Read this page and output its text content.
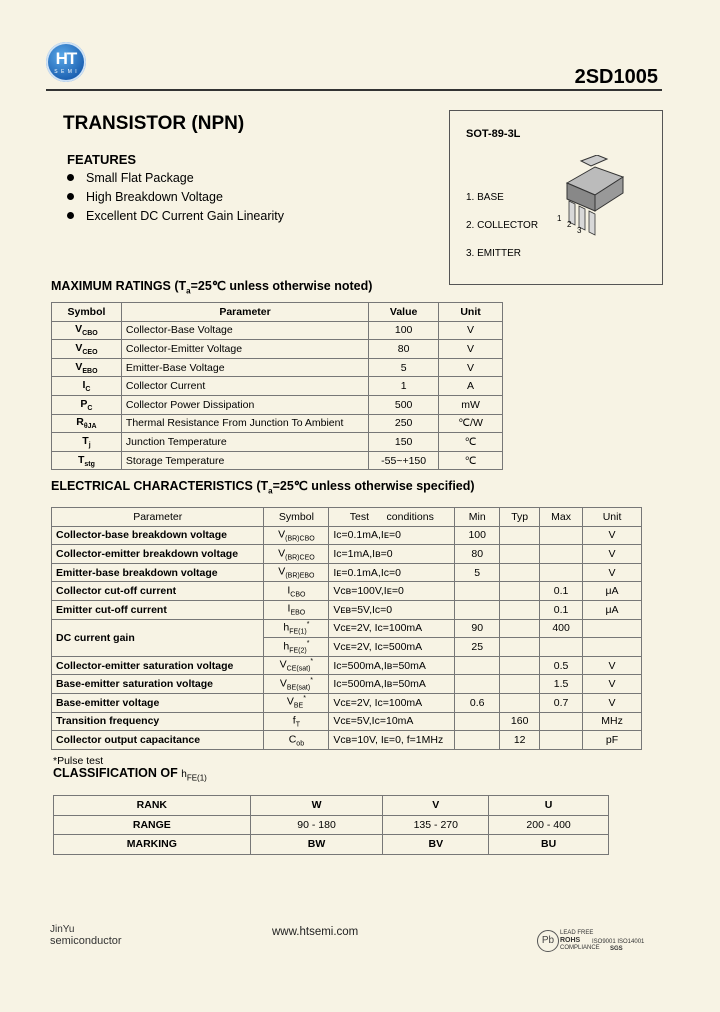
HT
S E M I	2SD1005
TRANSISTOR (NPN)
FEATURES
Small Flat Package
High Breakdown Voltage
Excellent DC Current Gain Linearity
SOT-89-3L
1. BASE
2. COLLECTOR
3. EMITTER
1
2
3
MAXIMUM RATINGS ($T_a=25℃$ unless otherwise noted)
Symbol	Parameter	Value	Unit
$V_{CBO}$	Collector-Base Voltage	100	V
$V_{CEO}$	Collector-Emitter Voltage	80	V
$V_{EBO}$	Emitter-Base Voltage	5	V
$I_C$	Collector Current	1	A
$P_C$	Collector Power Dissipation	500	mW
$R_{\theta JA}$	Thermal Resistance From Junction To Ambient	250	℃/W
$T_j$	Junction Temperature	150	℃
$T_{stg}$	Storage Temperature	-55~+150	℃
ELECTRICAL CHARACTERISTICS ($T_a=25℃$ unless otherwise specified)
Parameter	Symbol	Test      conditions	Min	Typ	Max	Unit
Collector-base breakdown voltage	$V_{(BR)CBO}$	Iᴄ=0.1mA,Iᴇ=0	100			V
Collector-emitter breakdown voltage	$V_{(BR)CEO}$	Iᴄ=1mA,Iʙ=0	80			V
Emitter-base breakdown voltage	$V_{(BR)EBO}$	Iᴇ=0.1mA,Iᴄ=0	5			V
Collector cut-off current	$I_{CBO}$	Vᴄʙ=100V,Iᴇ=0			0.1	μA
Emitter cut-off current	$I_{EBO}$	Vᴇʙ=5V,Iᴄ=0			0.1	μA
DC current gain	$h_{FE(1)}^*$	Vᴄᴇ=2V, Iᴄ=100mA	90		400	
	$h_{FE(2)}^*$	Vᴄᴇ=2V, Iᴄ=500mA	25			
Collector-emitter saturation voltage	$V_{CE(sat)}^*$	Iᴄ=500mA,Iʙ=50mA			0.5	V
Base-emitter saturation voltage	$V_{BE(sat)}^*$	Iᴄ=500mA,Iʙ=50mA			1.5	V
Base-emitter voltage	$V_{BE}^*$	Vᴄᴇ=2V, Iᴄ=100mA	0.6		0.7	V
Transition frequency	$f_T$	Vᴄᴇ=5V,Iᴄ=10mA		160		MHz
Collector output capacitance	$C_{ob}$	Vᴄʙ=10V, Iᴇ=0, f=1MHz		12		pF
*Pulse test
CLASSIFICATION OF $h_{FE(1)}$
RANK	W	V	U
RANGE	90 - 180	135 - 270	200 - 400
MARKING	BW	BV	BU
JinYu
semiconductor
www.htsemi.com
Pb
LEAD FREE
ROHS
COMPLIANCE
ISO9001 ISO14001
SGS
